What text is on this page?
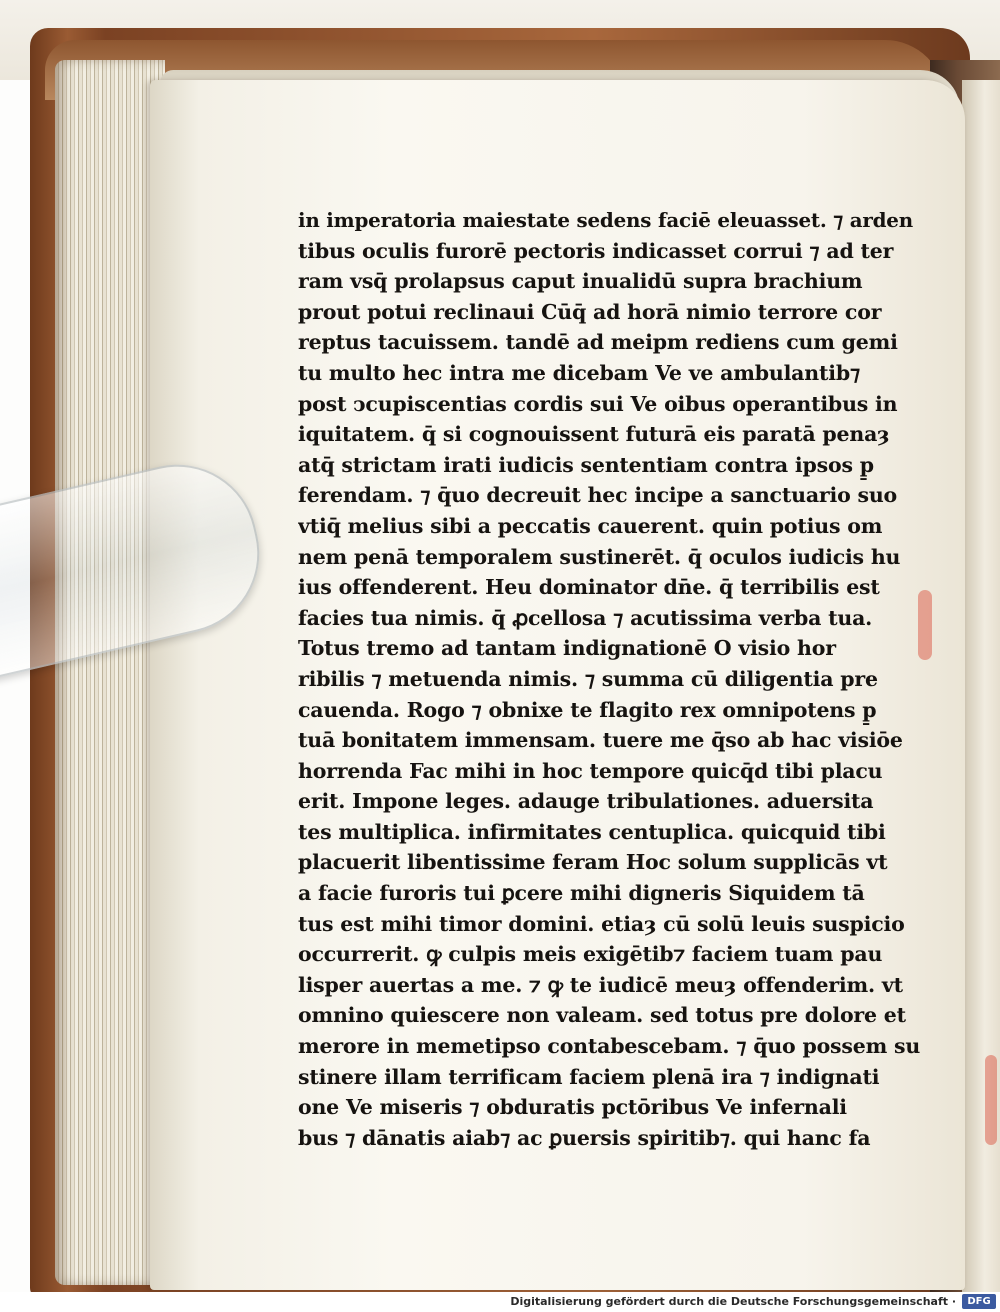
in imperatoria maiestate sedens faciē eleuasset. ⁊ arden
tibus oculis furorē pectoris indicasset corrui ⁊ ad ter
ram vsq̄ prolapsus caput inualidū supra brachium
prout potui reclinaui Cūq̄ ad horā nimio terrore cor
reptus tacuissem. tandē ad meipm rediens cum gemi
tu multo hec intra me dicebam Ve ve ambulantib⁊
post ↄcupiscentias cordis sui Ve oibus operantibus in
iquitatem. q̄ si cognouissent futurā eis paratā penaȝ
atq̄ strictam irati iudicis sententiam contra ipsos p̱
ferendam. ⁊ q̄uo decreuit hec incipe a sanctuario suo
vtiq̄ melius sibi a peccatis cauerent. quin potius om
nem penā temporalem sustinerēt. q̄ oculos iudicis hu
ius offenderent. Heu dominator dn̄e. q̄ terribilis est
facies tua nimis. q̄ ꝓcellosa ⁊ acutissima verba tua.
Totus tremo ad tantam indignationē O visio hor
ribilis ⁊ metuenda nimis. ⁊ summa cū diligentia pre
cauenda. Rogo ⁊ obnixe te flagito rex omnipotens p̱
tuā bonitatem immensam. tuere me q̄so ab hac visiōe
horrenda Fac mihi in hoc tempore quicq̄d tibi placu
erit. Impone leges. adauge tribulationes. aduersita
tes multiplica. infirmitates centuplica. quicquid tibi
placuerit libentissime feram Hoc solum supplicās vt
a facie furoris tui ꝑcere mihi digneris Siquidem tā
tus est mihi timor domini. etiaȝ cū solū leuis suspicio
occurrerit. ꝙ culpis meis exigētib⁊ faciem tuam pau
lisper auertas a me. ⁊ ꝙ te iudicē meuȝ offenderim. vt
omnino quiescere non valeam. sed totus pre dolore et
merore in memetipso contabescebam. ⁊ q̄uo possem su
stinere illam terrificam faciem plenā ira ⁊ indignati
one Ve miseris ⁊ obduratis pctōribus Ve infernali
bus ⁊ dānatis aiab⁊ ac ꝑuersis spiritib⁊. qui hanc fa
Digitalisierung gefördert durch die Deutsche Forschungsgemeinschaft ·	DFG
